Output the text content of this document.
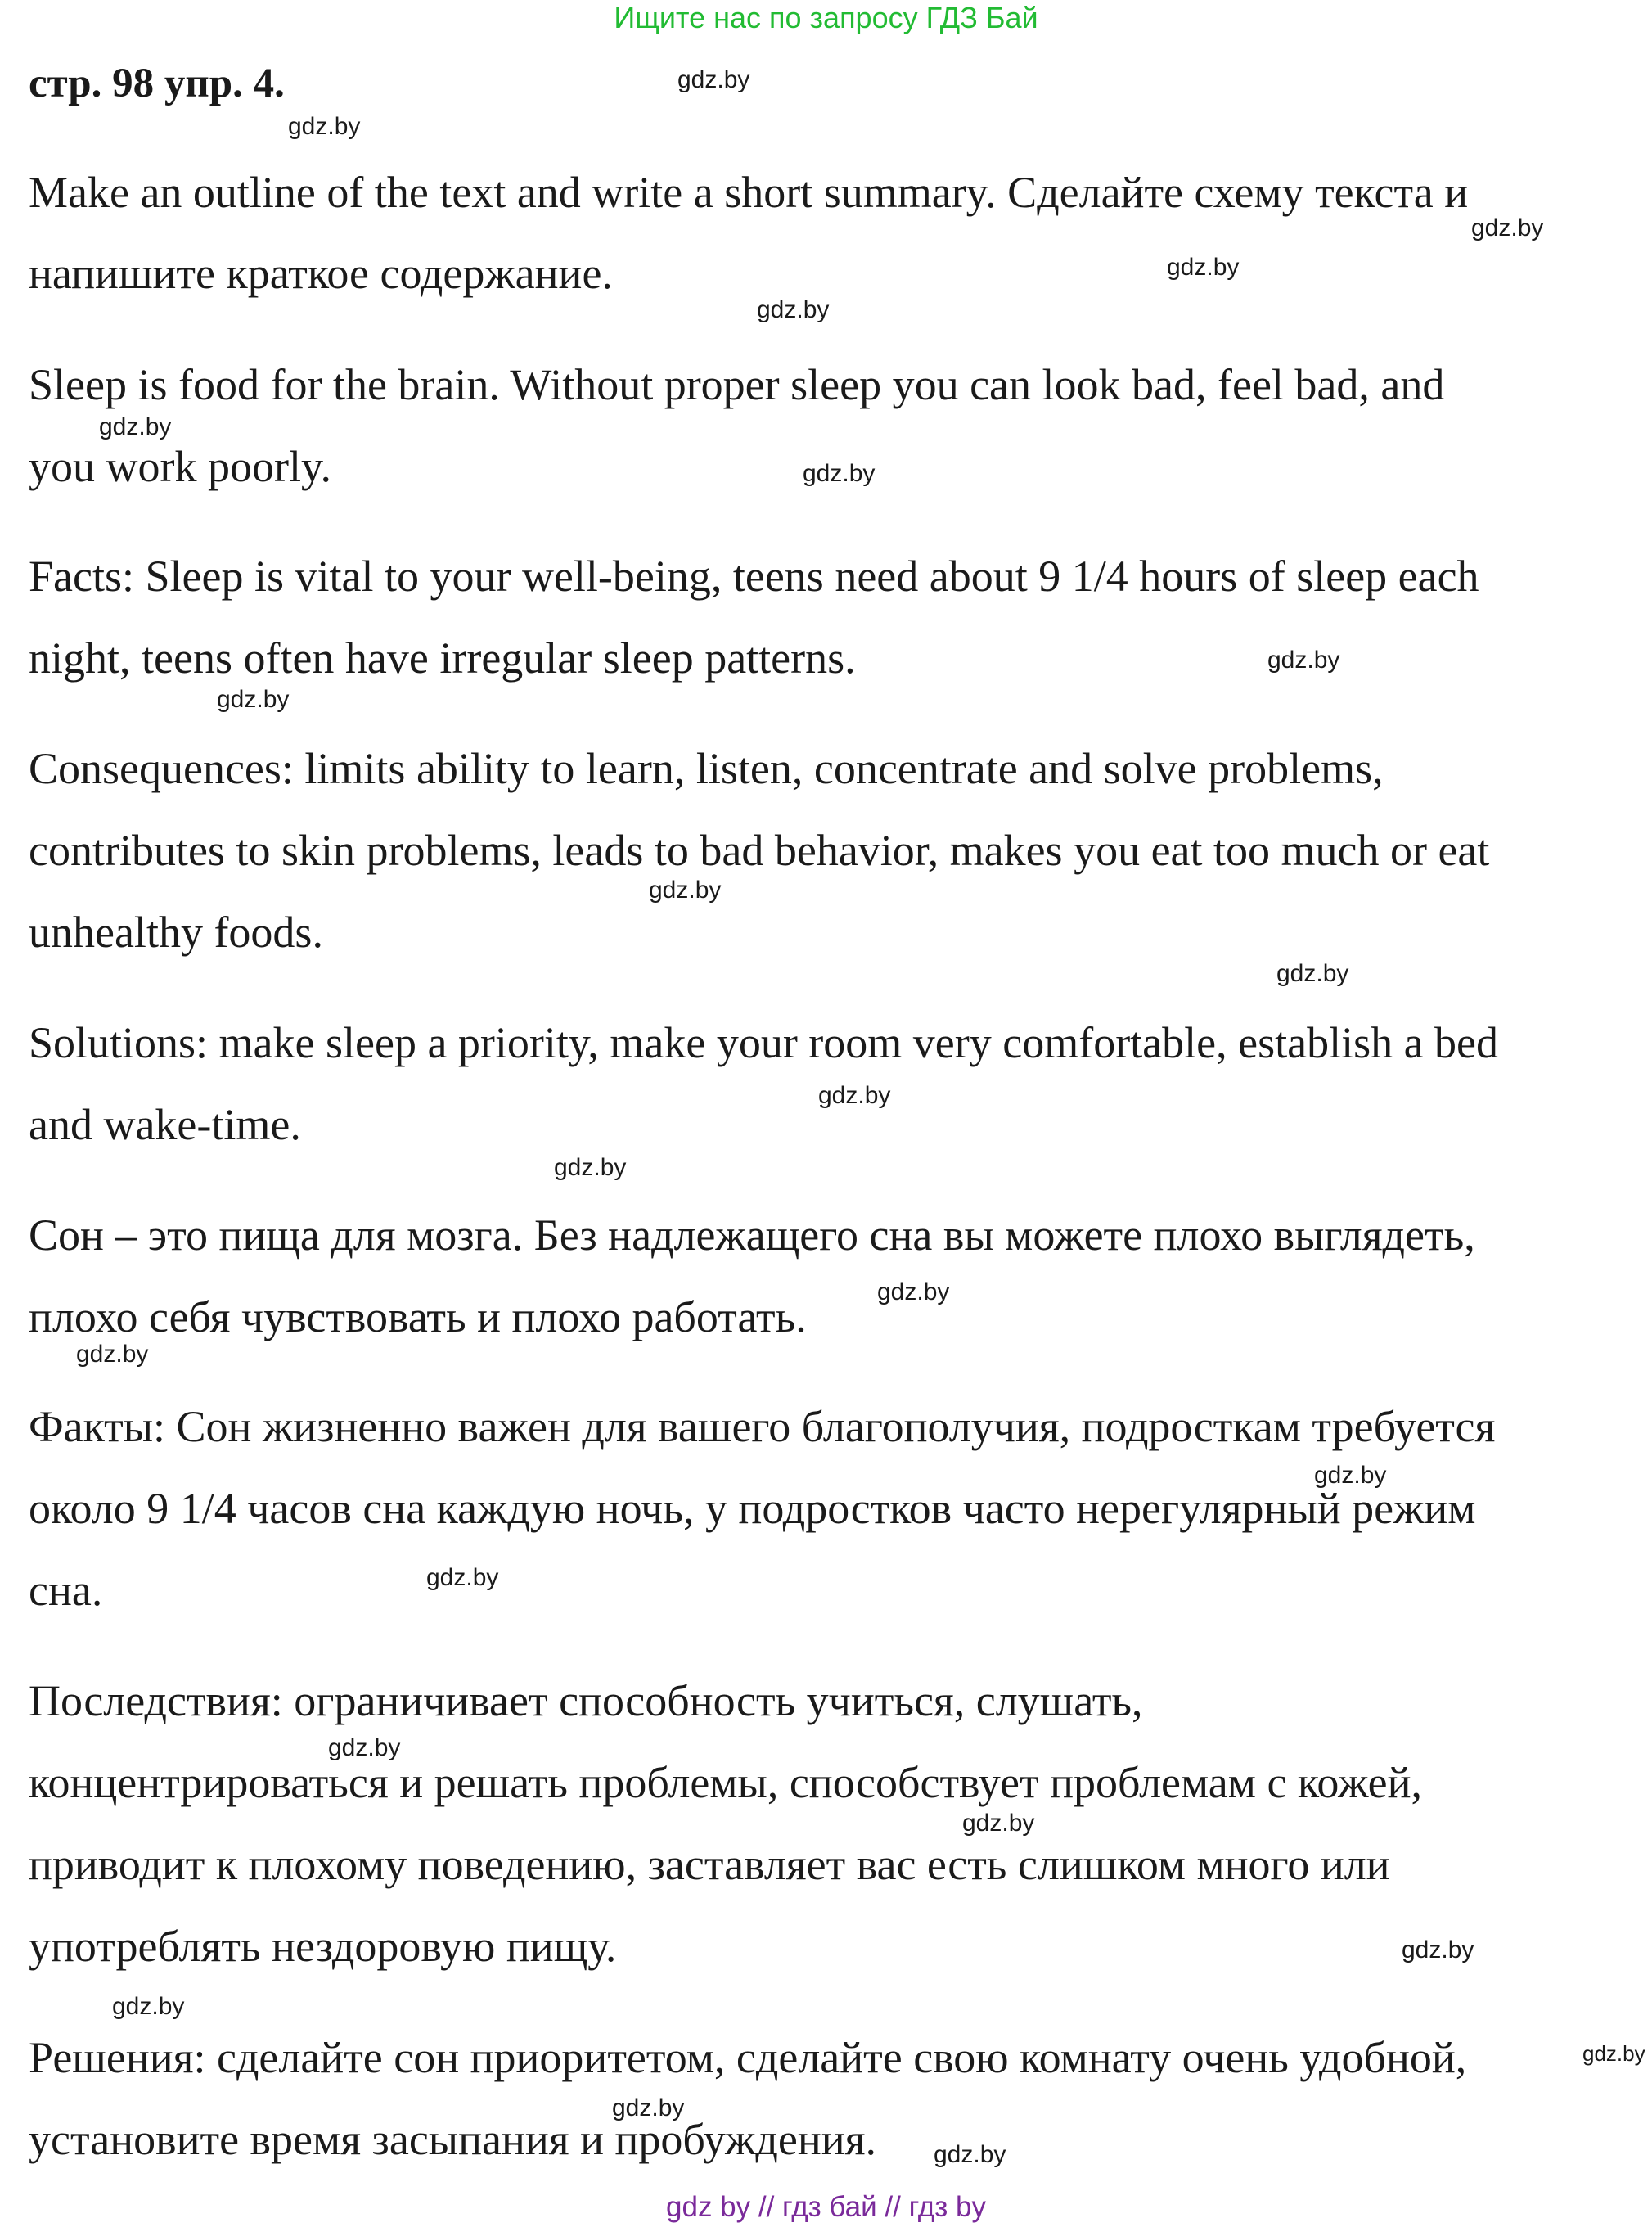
Ищите нас по запросу ГДЗ Бай
стр. 98 упр. 4.
Make an outline of the text and write a short summary. Сделайте схему текста и
напишите краткое содержание.
Sleep is food for the brain. Without proper sleep you can look bad, feel bad, and
you work poorly.
Facts: Sleep is vital to your well-being, teens need about 9 1/4 hours of sleep each
night, teens often have irregular sleep patterns.
Consequences: limits ability to learn, listen, concentrate and solve problems,
contributes to skin problems, leads to bad behavior, makes you eat too much or eat
unhealthy foods.
Solutions: make sleep a priority, make your room very comfortable, establish a bed
and wake-time.
Сон – это пища для мозга. Без надлежащего сна вы можете плохо выглядеть,
плохо себя чувствовать и плохо работать.
Факты: Сон жизненно важен для вашего благополучия, подросткам требуется
около 9 1/4 часов сна каждую ночь, у подростков часто нерегулярный режим
сна.
Последствия: ограничивает способность учиться, слушать,
концентрироваться и решать проблемы, способствует проблемам с кожей,
приводит к плохому поведению, заставляет вас есть слишком много или
употреблять нездоровую пищу.
Решения: сделайте сон приоритетом, сделайте свою комнату очень удобной,
установите время засыпания и пробуждения.
gdz.by
gdz.by
gdz.by
gdz.by
gdz.by
gdz.by
gdz.by
gdz.by
gdz.by
gdz.by
gdz.by
gdz.by
gdz.by
gdz.by
gdz.by
gdz.by
gdz.by
gdz.by
gdz.by
gdz.by
gdz.by
gdz.by
gdz.by
gdz.by
gdz by // гдз бай // гдз by
